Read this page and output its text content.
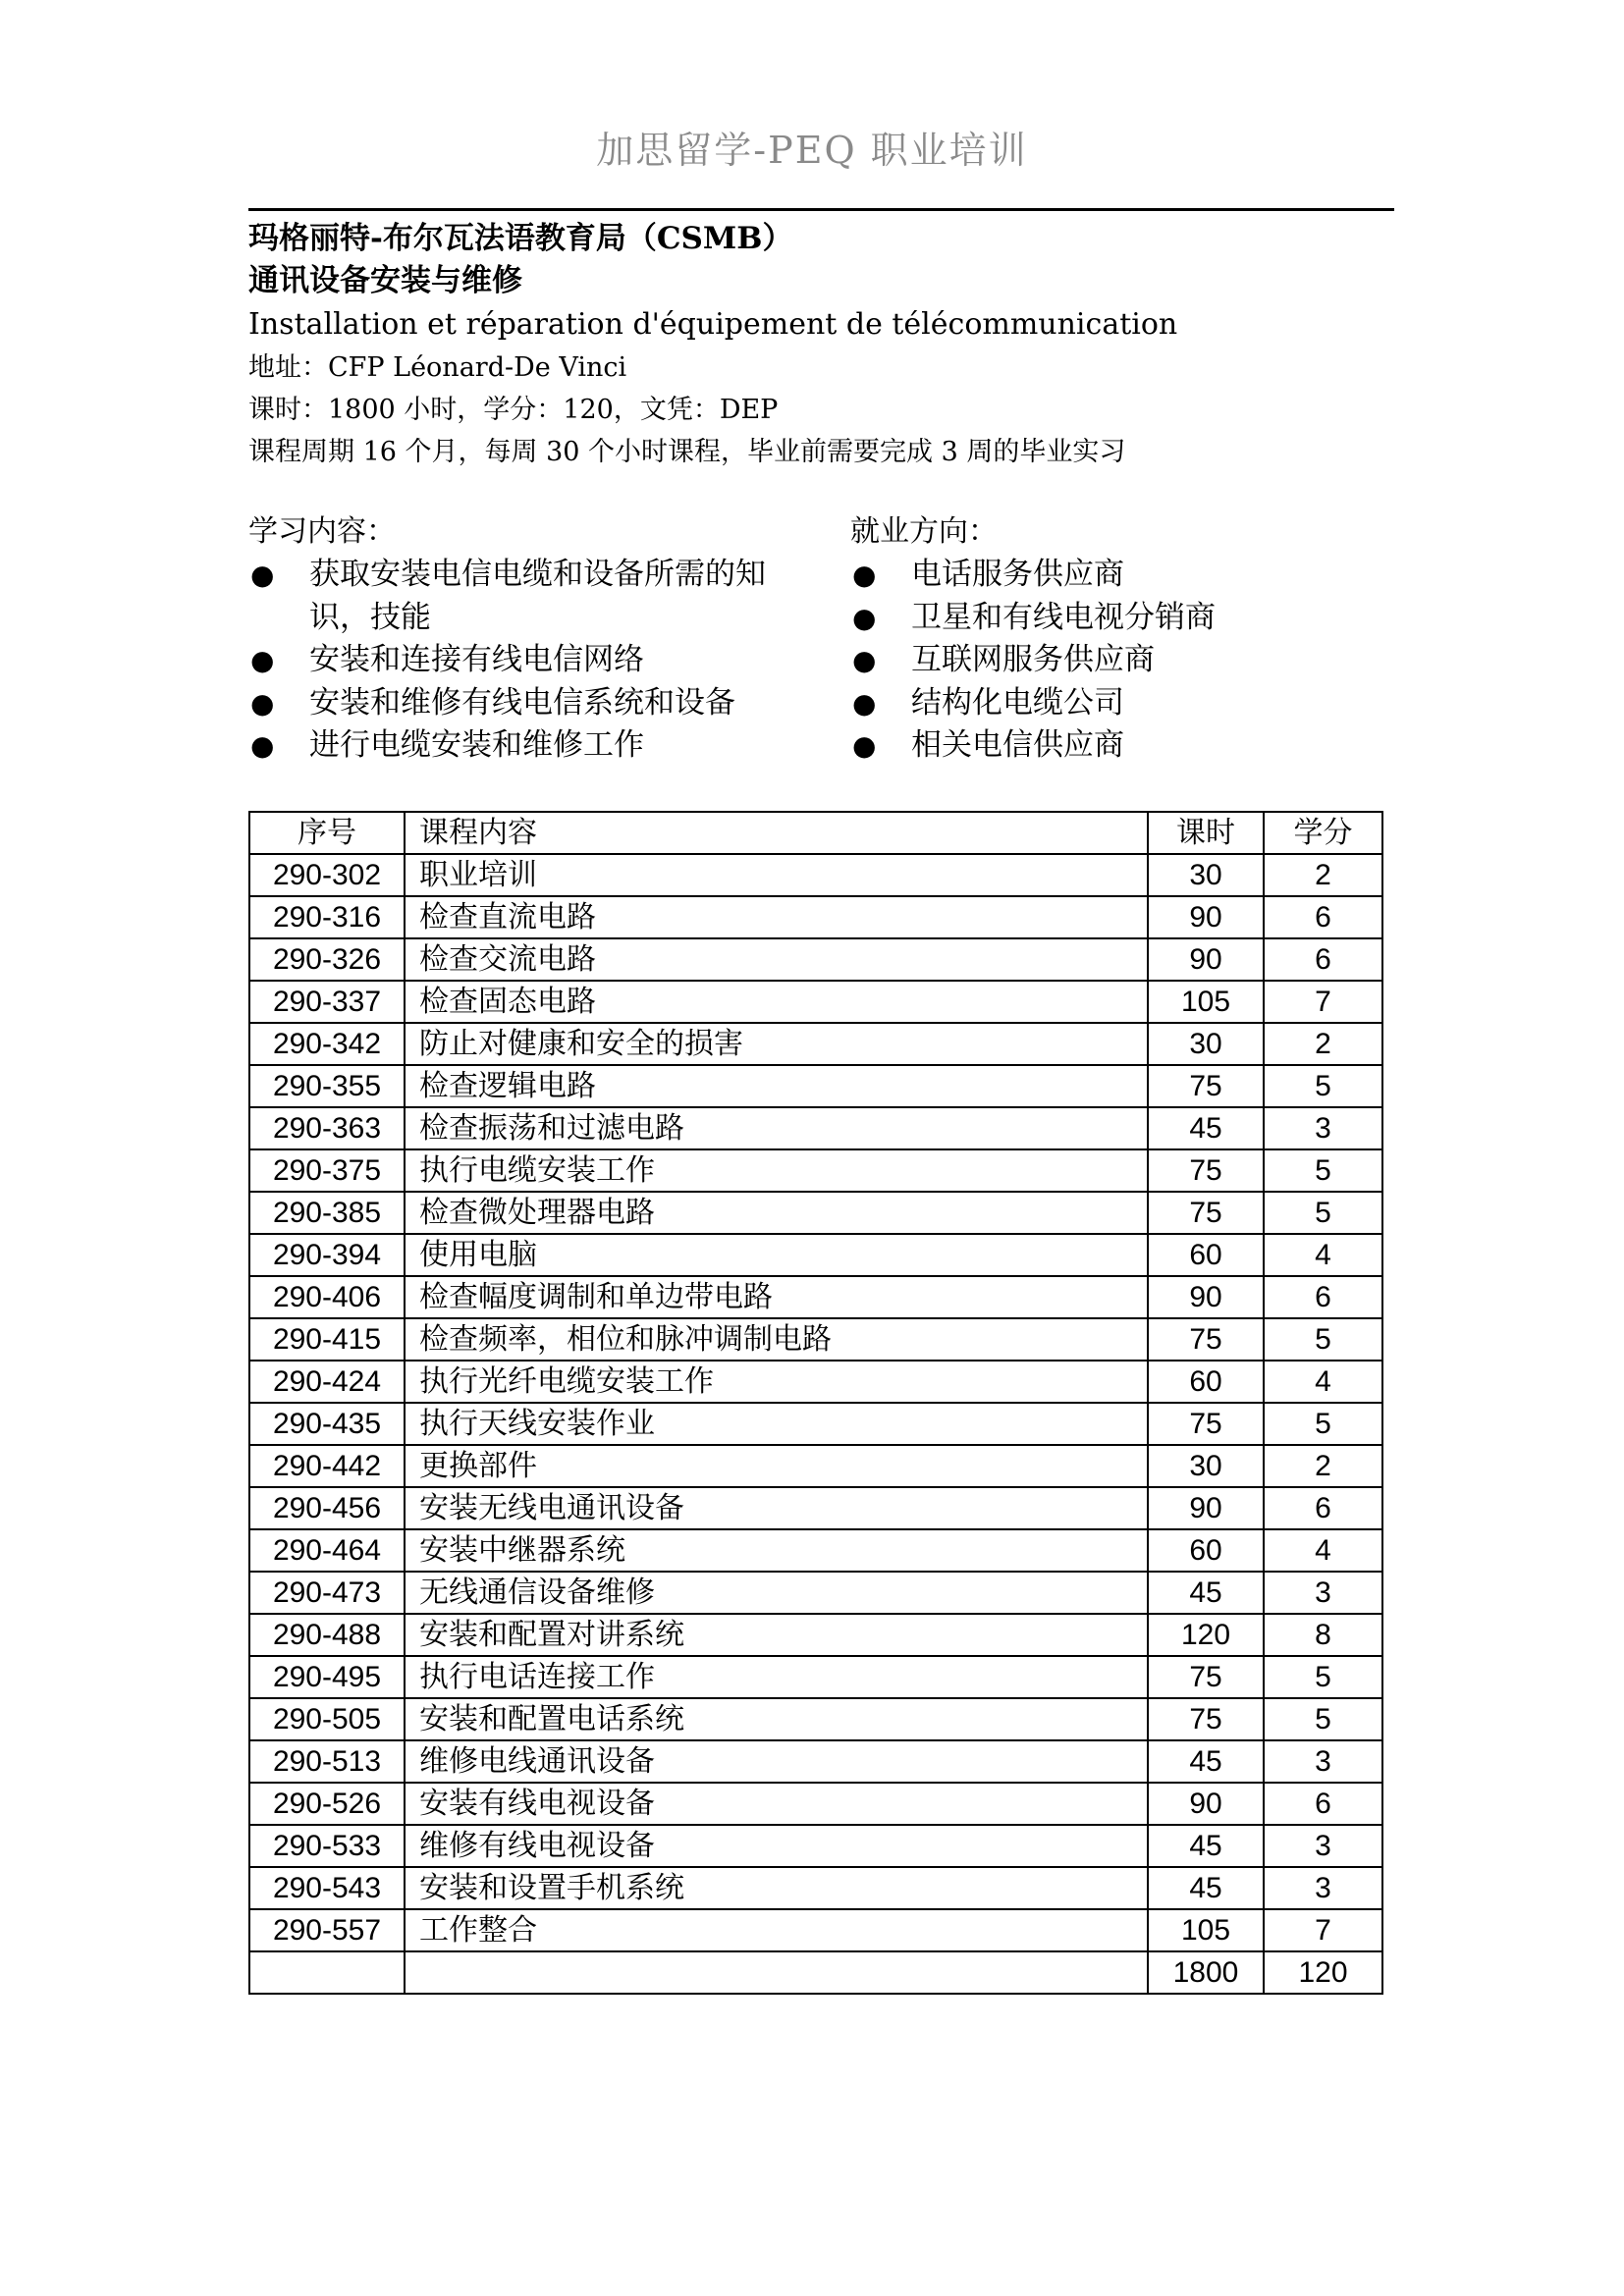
加思留学-PEQ 职业培训
玛格丽特-布尔瓦法语教育局（CSMB）
通讯设备安装与维修
Installation et réparation d'équipement de télécommunication
地址：CFP Léonard-De Vinci
课时：1800 小时，学分：120，文凭：DEP
课程周期 16 个月，每周 30 个小时课程，毕业前需要完成 3 周的毕业实习
学习内容：
●	获取安装电信电缆和设备所需的知识，技能
●	安装和连接有线电信网络
●	安装和维修有线电信系统和设备
●	进行电缆安装和维修工作
就业方向：
●	电话服务供应商
●	卫星和有线电视分销商
●	互联网服务供应商
●	结构化电缆公司
●	相关电信供应商
序号	课程内容	课时	学分
290-302	职业培训	30	2
290-316	检查直流电路	90	6
290-326	检查交流电路	90	6
290-337	检查固态电路	105	7
290-342	防止对健康和安全的损害	30	2
290-355	检查逻辑电路	75	5
290-363	检查振荡和过滤电路	45	3
290-375	执行电缆安装工作	75	5
290-385	检查微处理器电路	75	5
290-394	使用电脑	60	4
290-406	检查幅度调制和单边带电路	90	6
290-415	检查频率，相位和脉冲调制电路	75	5
290-424	执行光纤电缆安装工作	60	4
290-435	执行天线安装作业	75	5
290-442	更换部件	30	2
290-456	安装无线电通讯设备	90	6
290-464	安装中继器系统	60	4
290-473	无线通信设备维修	45	3
290-488	安装和配置对讲系统	120	8
290-495	执行电话连接工作	75	5
290-505	安装和配置电话系统	75	5
290-513	维修电线通讯设备	45	3
290-526	安装有线电视设备	90	6
290-533	维修有线电视设备	45	3
290-543	安装和设置手机系统	45	3
290-557	工作整合	105	7
		1800	120
